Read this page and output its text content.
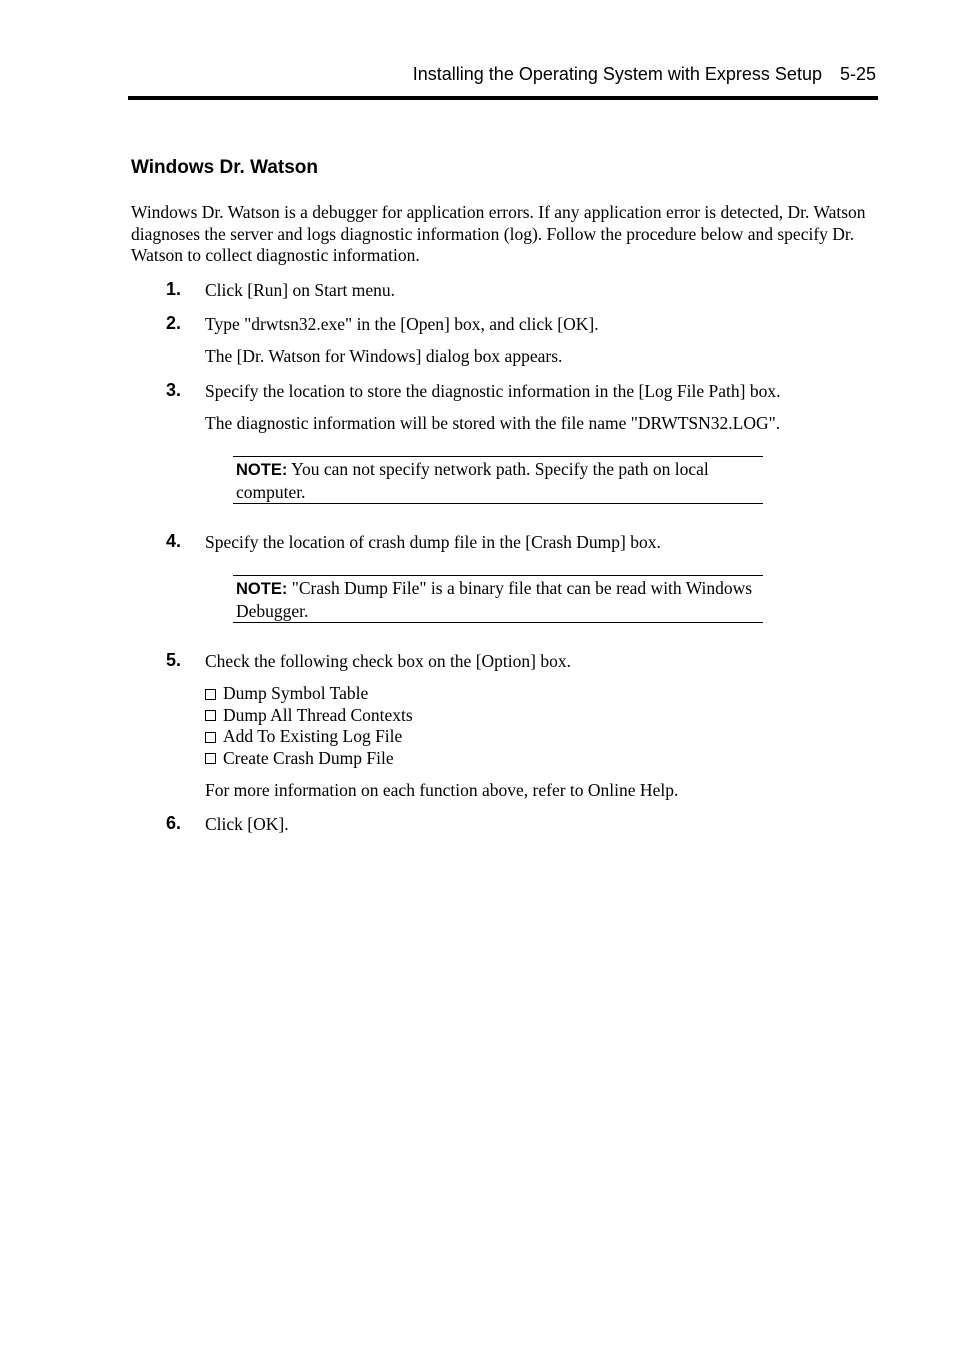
Installing the Operating System with Express Setup 5-25
Windows Dr. Watson
Windows Dr. Watson is a debugger for application errors. If any application error is detected, Dr. Watson diagnoses the server and logs diagnostic information (log). Follow the procedure below and specify Dr. Watson to collect diagnostic information.
1. Click [Run] on Start menu.
2. Type "drwtsn32.exe" in the [Open] box, and click [OK].
The [Dr. Watson for Windows] dialog box appears.
3. Specify the location to store the diagnostic information in the [Log File Path] box.
The diagnostic information will be stored with the file name "DRWTSN32.LOG".
NOTE: You can not specify network path. Specify the path on local computer.
4. Specify the location of crash dump file in the [Crash Dump] box.
NOTE: "Crash Dump File" is a binary file that can be read with Windows Debugger.
5. Check the following check box on the [Option] box.
Dump Symbol Table
Dump All Thread Contexts
Add To Existing Log File
Create Crash Dump File
For more information on each function above, refer to Online Help.
6. Click [OK].
